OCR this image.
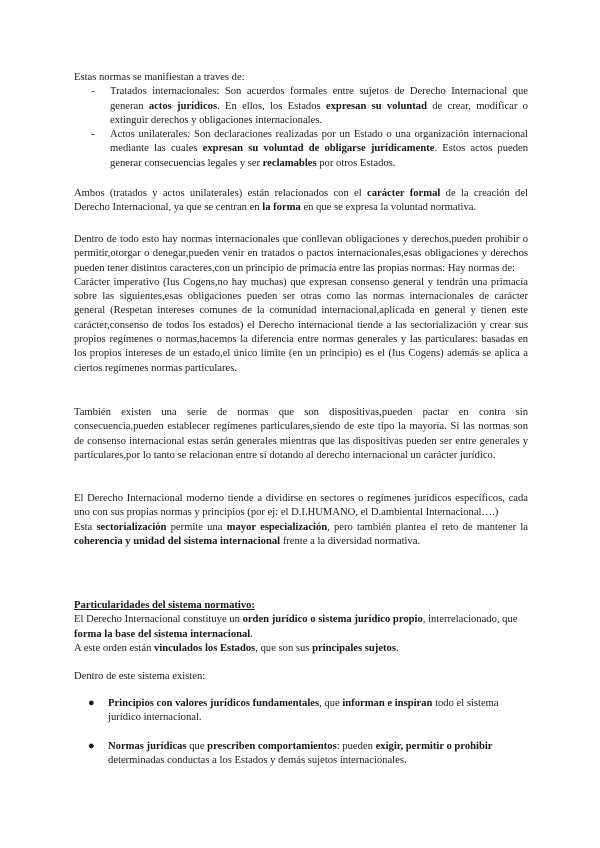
Estas normas se manifiestan a traves de:

- Tratados internacionales: Son acuerdos formales entre sujetos de Derecho Internacional que generan actos jurídicos. En ellos, los Estados expresan su voluntad de crear, modificar o extinguir derechos y obligaciones internacionales.
- Actos unilaterales: Son declaraciones realizadas por un Estado o una organización internacional mediante las cuales expresan su voluntad de obligarse jurídicamente. Estos actos pueden generar consecuencias legales y ser reclamables por otros Estados.

Ambos (tratados y actos unilaterales) están relacionados con el carácter formal de la creación del Derecho Internacional, ya que se centran en la forma en que se expresa la voluntad normativa.

Dentro de todo esto hay normas internacionales que conllevan obligaciones y derechos,pueden prohibir o permitir,otorgar o denegar,pueden venir en tratados o pactos internacionales,esas obligaciones y derechos pueden tener distintos caracteres,con un principio de primacía entre las propias normas: Hay normas de:

Carácter imperativo (Ius Cogens,no hay muchas) que expresan consenso general y tendrán una primacía sobre las siguientes,esas obligaciones pueden ser otras como las normas internacionales de carácter general (Respetan intereses comunes de la comunidad internacional,aplicada en general y tienen este carácter,consenso de todos los estados) el Derecho internacional tiende a las sectorialización y crear sus propios regímenes o normas,hacemos la diferencia entre normas generales y las particulares: basadas en los propios intereses de un estado,el único límite (en un principio) es el (Ius Cogens) además se aplica a ciertos regímenes normas particulares.

También existen una serie de normas que son dispositivas,pueden pactar en contra sin consecuencia,pueden establecer regímenes particulares,siendo de este tipo la mayoría. Si las normas son de consenso internacional estas serán generales mientras que las dispositivas pueden ser entre generales y particulares,por lo tanto se relacionan entre sí dotando al derecho internacional un carácter jurídico.

El Derecho Internacional moderno tiende a dividirse en sectores o regímenes jurídicos específicos, cada uno con sus propias normas y principios (por ej: el D.I.HUMANO, el D.ambiental Internacional….)

Esta sectorialización permite una mayor especialización, pero también plantea el reto de mantener la coherencia y unidad del sistema internacional frente a la diversidad normativa.

Particularidades del sistema normativo:

El Derecho Internacional constituye un orden jurídico o sistema jurídico propio, interrelacionado, que forma la base del sistema internacional.

A este orden están vinculados los Estados, que son sus principales sujetos.

Dentro de este sistema existen:

● Principios con valores jurídicos fundamentales, que informan e inspiran todo el sistema jurídico internacional.
● Normas jurídicas que prescriben comportamientos: pueden exigir, permitir o prohibir determinadas conductas a los Estados y demás sujetos internacionales.
